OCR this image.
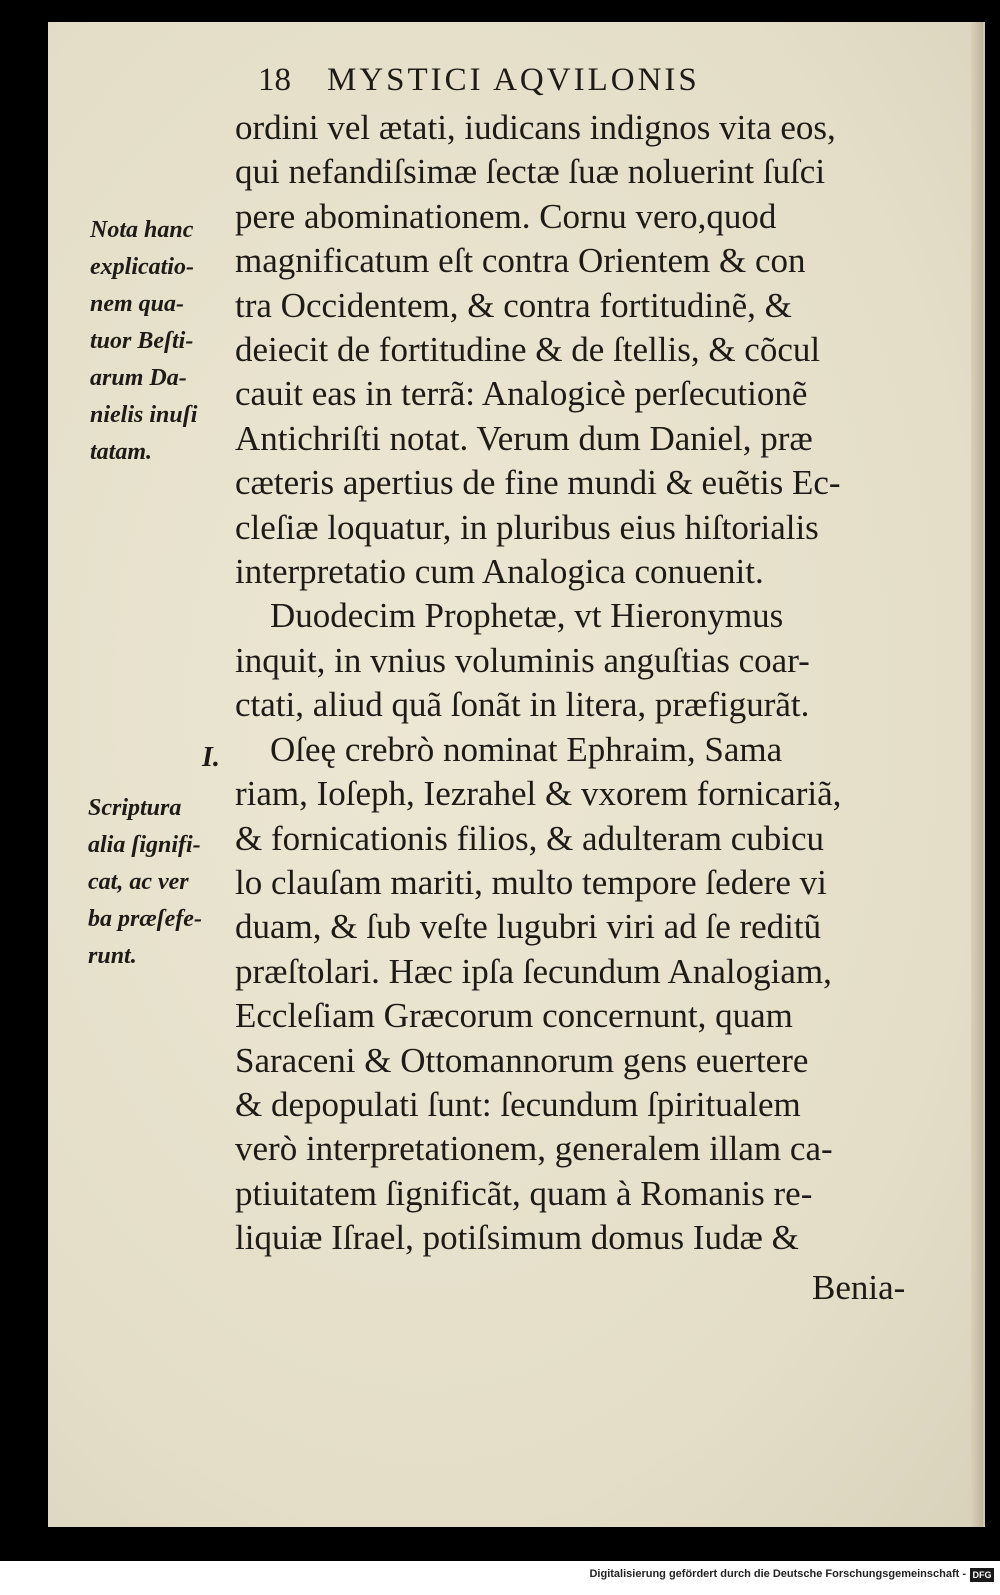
18 MYSTICI AQVILONIS
ordini vel ætati, iudicans indignos vita eos,
qui nefandiſsimæ ſectæ ſuæ noluerint ſuſci
pere abominationem. Cornu vero,quod
magnificatum eſt contra Orientem & con
tra Occidentem, & contra fortitudinẽ, &
deiecit de fortitudine & de ſtellis, & cõcul
cauit eas in terrã: Analogicè perſecutionẽ
Antichriſti notat. Verum dum Daniel, præ
cæteris apertius de fine mundi & euẽtis Ec-
cleſiæ loquatur, in pluribus eius hiſtorialis
interpretatio cum Analogica conuenit.
Duodecim Prophetæ, vt Hieronymus
inquit, in vnius voluminis anguſtias coar-
ctati, aliud quã ſonãt in litera, præfigurãt.
Oſeę crebrò nominat Ephraim, Sama
riam, Ioſeph, Iezrahel & vxorem fornicariã,
& fornicationis filios, & adulteram cubicu
lo clauſam mariti, multo tempore ſedere vi
duam, & ſub veſte lugubri viri ad ſe reditũ
præſtolari. Hæc ipſa ſecundum Analogiam,
Eccleſiam Græcorum concernunt, quam
Saraceni & Ottomannorum gens euertere
& depopulati ſunt: ſecundum ſpiritualem
verò interpretationem, generalem illam ca-
ptiuitatem ſignificãt, quam à Romanis re-
liquiæ Iſrael, potiſsimum domus Iudæ &
Nota hanc
explicatio-
nem qua-
tuor Beſti-
arum Da-
nielis inuſi
tatam.
I.
Scriptura
alia ſignifi-
cat, ac ver
ba præſefe-
runt.
Benia-
Digitalisierung gefördert durch die Deutsche Forschungsgemeinschaft - DFG
